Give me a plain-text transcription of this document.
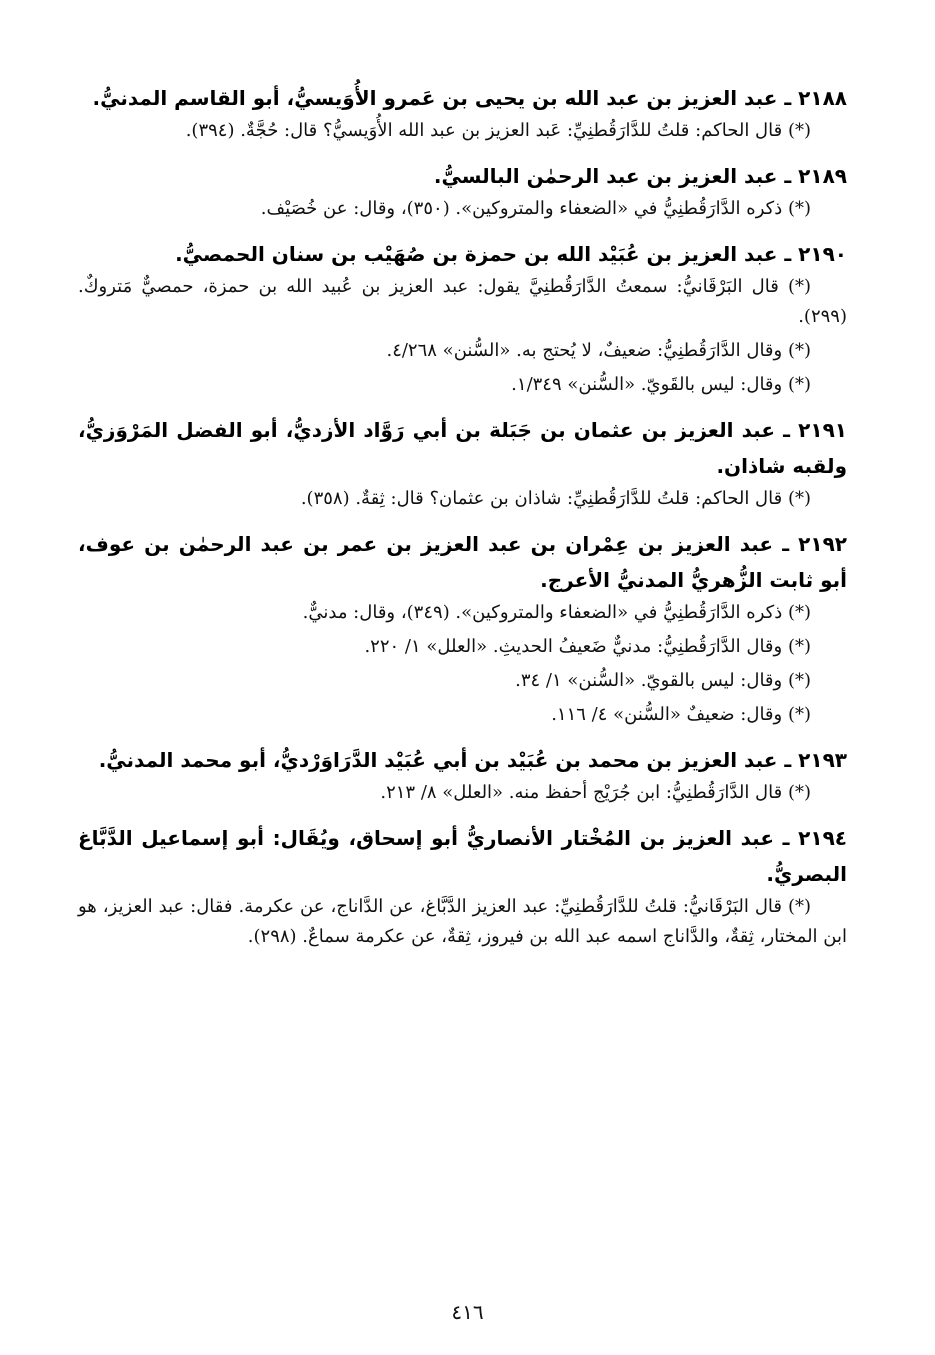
٢١٨٨ ـ عبد العزيز بن عبد الله بن يحيى بن عَمرو الأُوَيسيُّ، أبو القاسم المدنيُّ.

(*) قال الحاكم: قلتُ للدَّارَقُطنِيِّ: عَبد العزيز بن عبد الله الأُوَيسيُّ؟ قال: حُجَّةٌ. (٣٩٤).

٢١٨٩ ـ عبد العزيز بن عبد الرحمٰن البالسيُّ.

(*) ذكره الدَّارَقُطنِيُّ في «الضعفاء والمتروكين». (٣٥٠)، وقال: عن خُصَيْف.

٢١٩٠ ـ عبد العزيز بن عُبَيْد الله بن حمزة بن صُهَيْب بن سنان الحمصيُّ.

(*) قال البَرْقَانيُّ: سمعتُ الدَّارَقُطنِيَّ يقول: عبد العزيز بن عُبيد الله بن حمزة، حمصيٌّ مَتروكٌ. (٢٩٩).

(*) وقال الدَّارَقُطنِيُّ: ضعيفٌ، لا يُحتج به. «السُّنن» ٤/٢٦٨.

(*) وقال: ليس بالقَويّ. «السُّنن» ١/٣٤٩.

٢١٩١ ـ عبد العزيز بن عثمان بن جَبَلة بن أبي رَوَّاد الأزديُّ، أبو الفضل المَرْوَزيُّ، ولقبه شاذان.

(*) قال الحاكم: قلتُ للدَّارَقُطنِيِّ: شاذان بن عثمان؟ قال: ثِقةٌ. (٣٥٨).

٢١٩٢ ـ عبد العزيز بن عِمْران بن عبد العزيز بن عمر بن عبد الرحمٰن بن عوف، أبو ثابت الزُّهريُّ المدنيُّ الأعرج.

(*) ذكره الدَّارَقُطنِيُّ في «الضعفاء والمتروكين». (٣٤٩)، وقال: مدنيٌّ.

(*) وقال الدَّارَقُطنِيُّ: مدنيٌّ ضَعيفُ الحديثِ. «العلل» ١/ ٢٢٠.

(*) وقال: ليس بالقويّ. «السُّنن» ١/ ٣٤.

(*) وقال: ضعيفٌ «السُّنن» ٤/ ١١٦.

٢١٩٣ ـ عبد العزيز بن محمد بن عُبَيْد بن أبي عُبَيْد الدَّرَاوَرْديُّ، أبو محمد المدنيُّ.

(*) قال الدَّارَقُطنِيُّ: ابن جُرَيْج أحفظ منه. «العلل» ٨/ ٢١٣.

٢١٩٤ ـ عبد العزيز بن المُخْتار الأنصاريُّ أبو إسحاق، ويُقَال: أبو إسماعيل الدَّبَّاغ البصريُّ.

(*) قال البَرْقَانيُّ: قلتُ للدَّارَقُطنِيِّ: عبد العزيز الدَّبَّاغ، عن الدَّاناج، عن عكرمة. فقال: عبد العزيز، هو ابن المختار، ثِقةٌ، والدَّاناج اسمه عبد الله بن فيروز، ثِقةٌ، عن عكرمة سماعٌ. (٢٩٨).

٤١٦
